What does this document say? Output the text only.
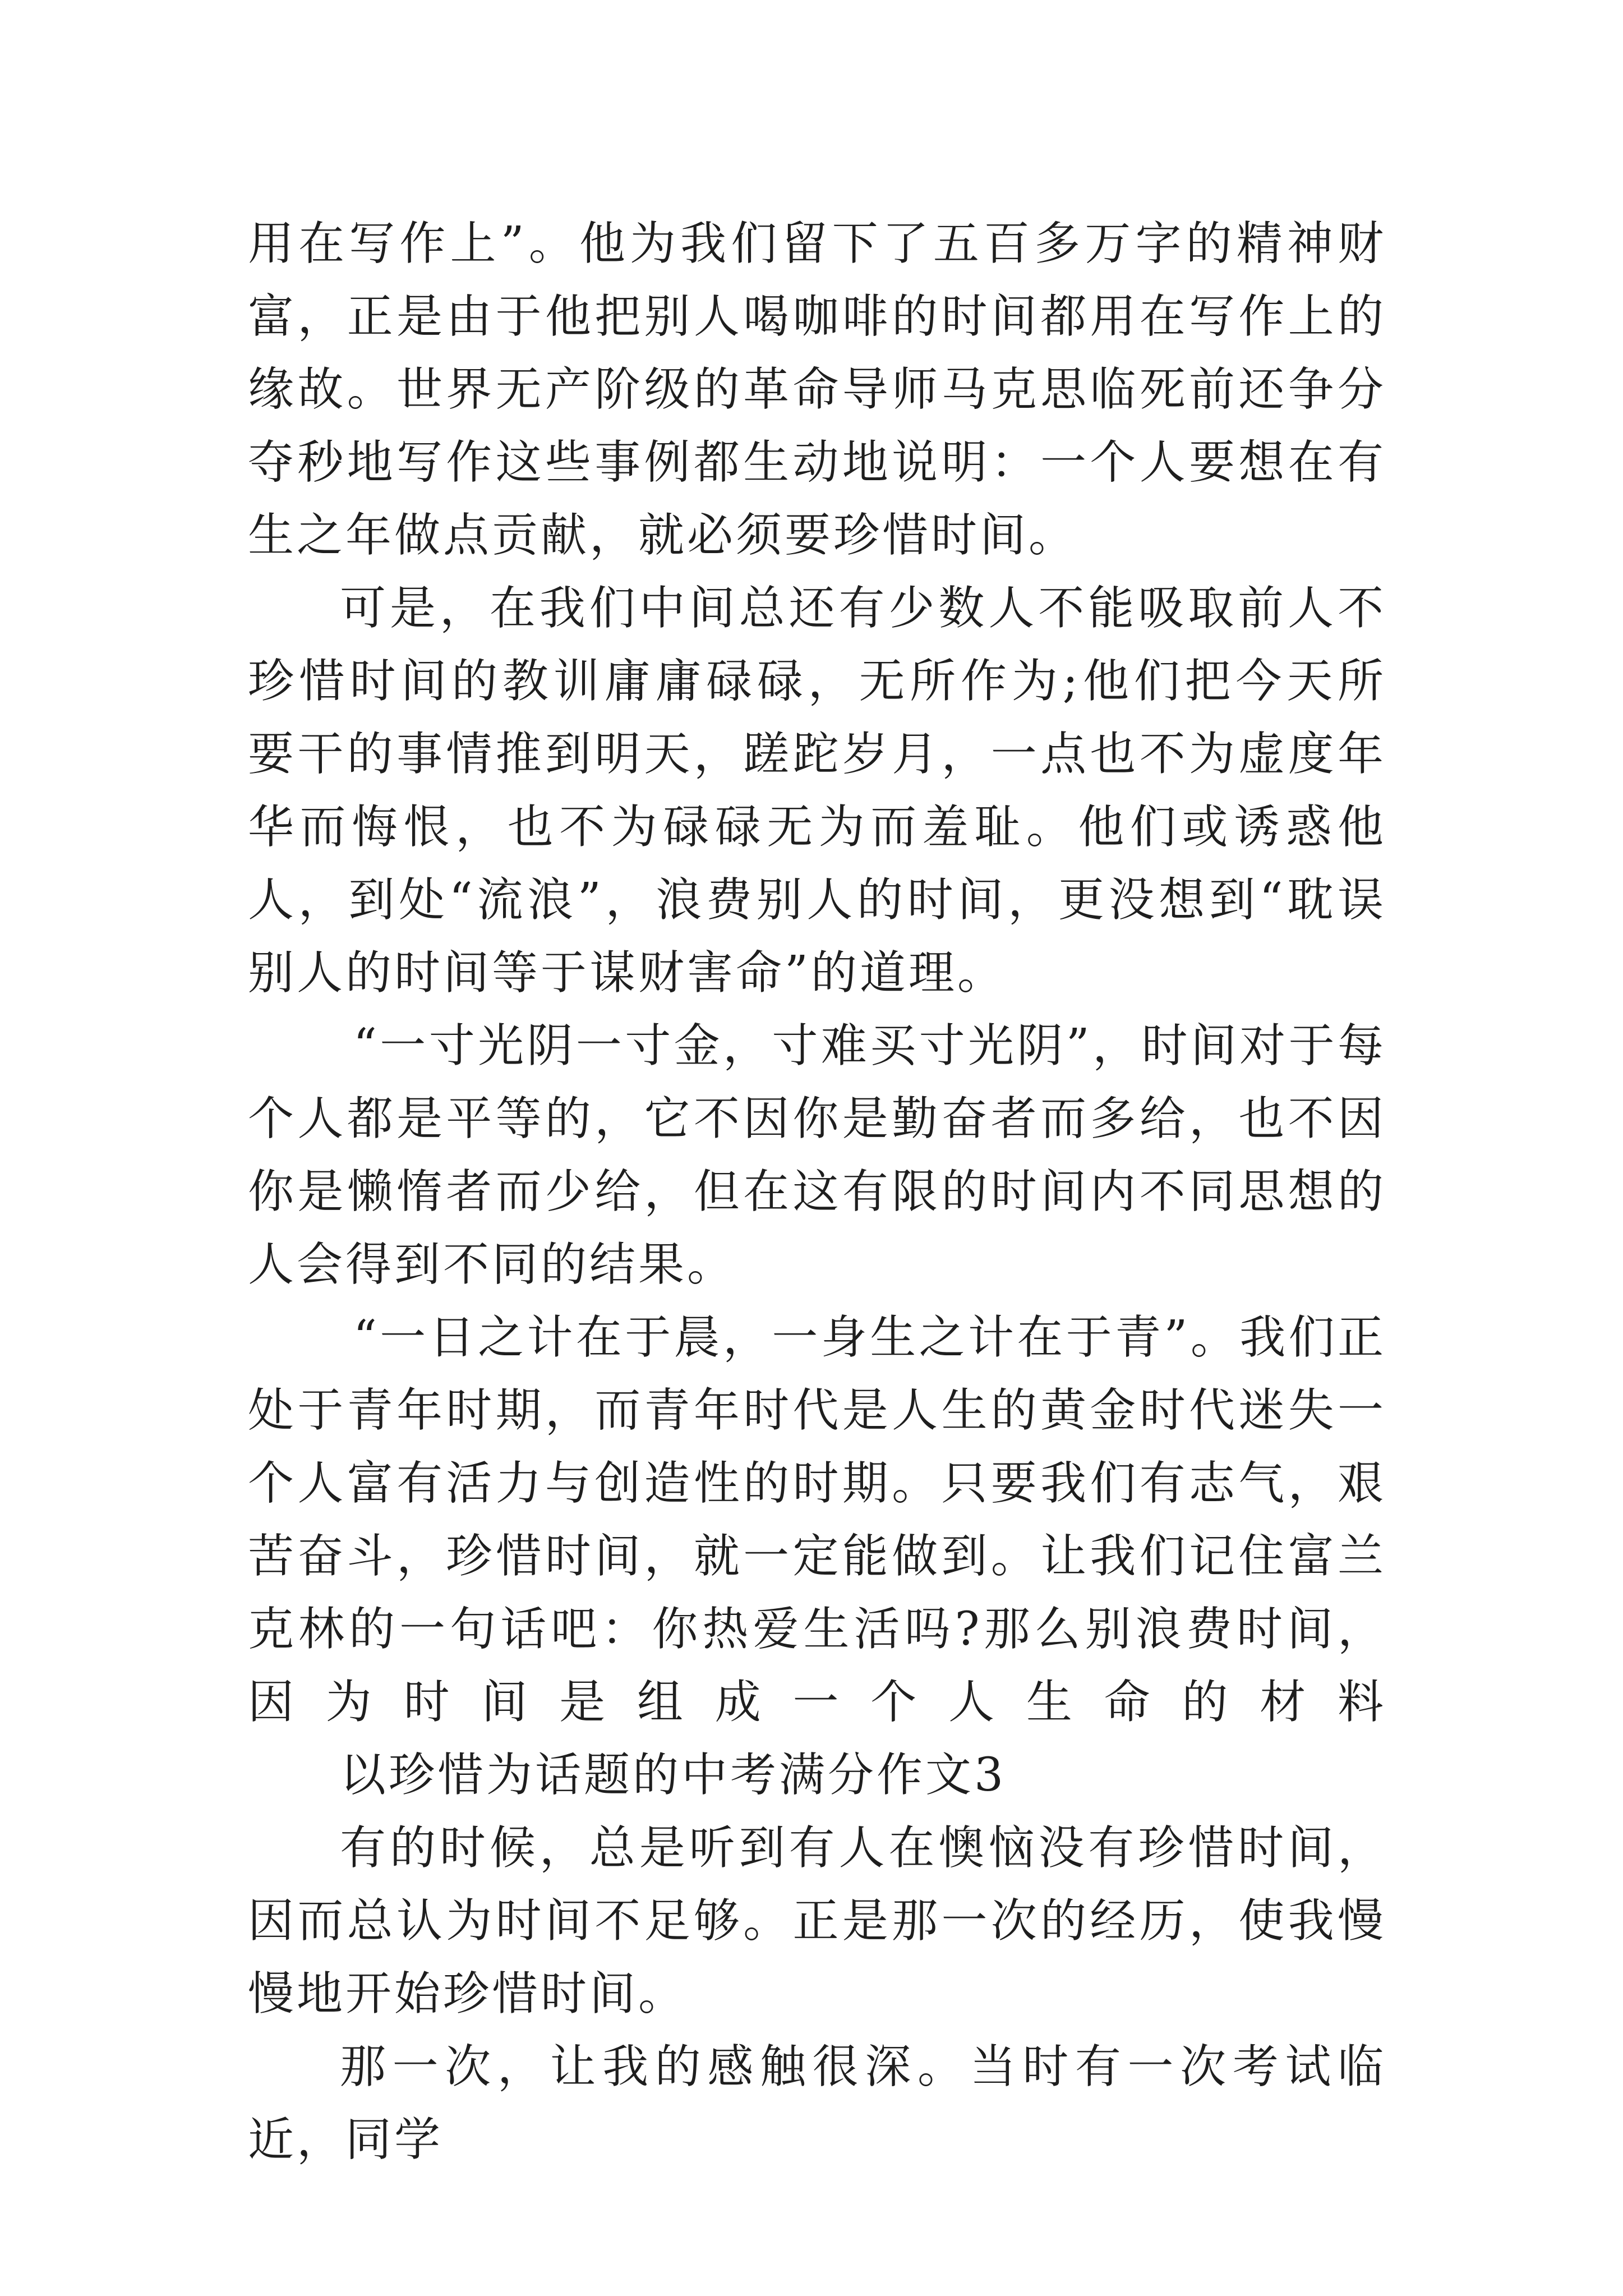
用在写作上”。他为我们留下了五百多万字的精神财富，正是由于他把别人喝咖啡的时间都用在写作上的缘故。世界无产阶级的革命导师马克思临死前还争分夺秒地写作这些事例都生动地说明：一个人要想在有生之年做点贡献，就必须要珍惜时间。

可是，在我们中间总还有少数人不能吸取前人不珍惜时间的教训庸庸碌碌，无所作为;他们把今天所要干的事情推到明天，蹉跎岁月，一点也不为虚度年华而悔恨，也不为碌碌无为而羞耻。他们或诱惑他人，到处“流浪”，浪费别人的时间，更没想到“耽误别人的时间等于谋财害命”的道理。

“一寸光阴一寸金，寸难买寸光阴”，时间对于每个人都是平等的，它不因你是勤奋者而多给，也不因你是懒惰者而少给，但在这有限的时间内不同思想的人会得到不同的结果。

“一日之计在于晨，一身生之计在于青”。我们正处于青年时期，而青年时代是人生的黄金时代迷失一个人富有活力与创造性的时期。只要我们有志气，艰苦奋斗，珍惜时间，就一定能做到。让我们记住富兰克林的一句话吧：你热爱生活吗?那么别浪费时间，因为时间是组成一个人生命的材料

以珍惜为话题的中考满分作文3

有的时候，总是听到有人在懊恼没有珍惜时间，因而总认为时间不足够。正是那一次的经历，使我慢慢地开始珍惜时间。

那一次，让我的感触很深。当时有一次考试临近，同学
